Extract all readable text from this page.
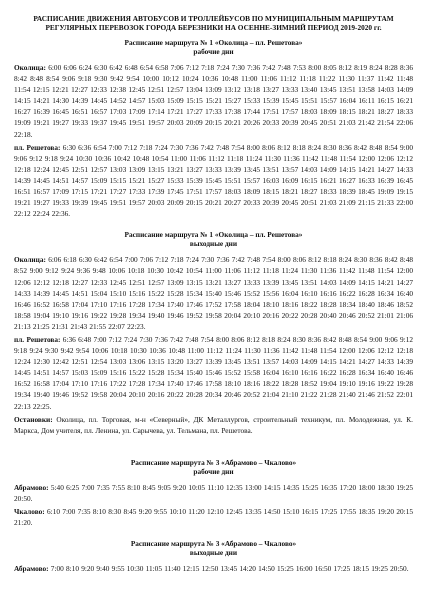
РАСПИСАНИЕ ДВИЖЕНИЯ АВТОБУСОВ И ТРОЛЛЕЙБУСОВ ПО МУНИЦИПАЛЬНЫМ МАРШРУТАМ
РЕГУЛЯРНЫХ ПЕРЕВОЗОК ГОРОДА БЕРЕЗНИКИ НА ОСЕННЕ-ЗИМНИЙ ПЕРИОД 2019-2020 гг.
Расписание маршрута № 1 «Околица – пл. Решетова»
рабочие дни
Околица: 6:00 6:06 6:24 6:30 6:42 6:48 6:54 6:58 7:06 7:12 7:18 7:24 7:30 7:36 7:42 7:48 7:53 8:00 8:05 8:12 8:19 8:24 8:28 8:36 8:42 8:48 8:54 9:06 9:18 9:30 9:42 9:54 10:00 10:12 10:24 10:36 10:48 11:00 11:06 11:12 11:18 11:22 11:30 11:37 11:42 11:48 11:54 12:15 12:21 12:27 12:33 12:38 12:45 12:51 12:57 13:04 13:09 13:12 13:18 13:27 13:33 13:40 13:45 13:51 13:58 14:03 14:09 14:15 14:21 14:30 14:39 14:45 14:52 14:57 15:03 15:09 15:15 15:21 15:27 15:33 15:39 15:45 15:51 15:57 16:04 16:11 16:15 16:21 16:27 16:39 16:45 16:51 16:57 17:03 17:09 17:14 17:21 17:27 17:33 17:38 17:44 17:51 17:57 18:03 18:09 18:15 18:21 18:27 18:33 19:09 19:21 19:27 19:33 19:37 19:45 19:51 19:57 20:03 20:09 20:15 20:21 20:26 20:33 20:39 20:45 20:51 21:03 21:42 21:54 22:06 22:18.
пл. Решетова: 6:30 6:36 6:54 7:00 7:12 7:18 7:24 7:30 7:36 7:42 7:48 7:54 8:00 8:06 8:12 8:18 8:24 8:30 8:36 8:42 8:48 8:54 9:00 9:06 9:12 9:18 9:24 10:30 10:36 10:42 10:48 10:54 11:00 11:06 11:12 11:18 11:24 11:30 11:36 11:42 11:48 11:54 12:00 12:06 12:12 12:18 12:24 12:45 12:51 12:57 13:03 13:09 13:15 13:21 13:27 13:33 13:39 13:45 13:51 13:57 14:03 14:09 14:15 14:21 14:27 14:33 14:39 14:45 14:51 14:57 15:09 15:15 15:21 15:27 15:33 15:39 15:45 15:51 15:57 16:03 16:09 16:15 16:21 16:27 16:33 16:39 16:45 16:51 16:57 17:09 17:15 17:21 17:27 17:33 17:39 17:45 17:51 17:57 18:03 18:09 18:15 18:21 18:27 18:33 18:39 18:45 19:09 19:15 19:21 19:27 19:33 19:39 19:45 19:51 19:57 20:03 20:09 20:15 20:21 20:27 20:33 20:39 20:45 20:51 21:03 21:09 21:15 21:33 22:00 22:12 22:24 22:36.
Расписание маршрута № 1 «Околица – пл. Решетова»
выходные дни
Околица: 6:06 6:18 6:30 6:42 6:54 7:00 7:06 7:12 7:18 7:24 7:30 7:36 7:42 7:48 7:54 8:00 8:06 8:12 8:18 8:24 8:30 8:36 8:42 8:48 8:52 9:00 9:12 9:24 9:36 9:48 10:06 10:18 10:30 10:42 10:54 11:00 11:06 11:12 11:18 11:24 11:30 11:36 11:42 11:48 11:54 12:00 12:06 12:12 12:18 12:27 12:33 12:45 12:51 12:57 13:09 13:15 13:21 13:27 13:33 13:39 13:45 13:51 14:03 14:09 14:15 14:21 14:27 14:33 14:39 14:45 14:51 15:04 15:10 15:16 15:22 15:28 15:34 15:40 15:46 15:52 15:56 16:04 16:10 16:16 16:22 16:28 16:34 16:40 16:46 16:52 16:58 17:04 17:10 17:16 17:28 17:34 17:40 17:46 17:52 17:58 18:04 18:10 18:16 18:22 18:28 18:34 18:40 18:46 18:52 18:58 19:04 19:10 19:16 19:22 19:28 19:34 19:40 19:46 19:52 19:58 20:04 20:10 20:16 20:22 20:28 20:40 20:46 20:52 21:01 21:06 21:13 21:25 21:31 21:43 21:55 22:07 22:23.
пл. Решетова: 6:36 6:48 7:00 7:12 7:24 7:30 7:36 7:42 7:48 7:54 8:00 8:06 8:12 8:18 8:24 8:30 8:36 8:42 8:48 8:54 9:00 9:06 9:12 9:18 9:24 9:30 9:42 9:54 10:06 10:18 10:30 10:36 10:48 11:00 11:12 11:24 11:30 11:36 11:42 11:48 11:54 12:00 12:06 12:12 12:18 12:24 12:30 12:42 12:51 12:54 13:03 13:06 13:15 13:20 13:27 13:39 13:45 13:51 13:57 14:03 14:09 14:15 14:21 14:27 14:33 14:39 14:45 14:51 14:57 15:03 15:09 15:16 15:22 15:28 15:34 15:40 15:46 15:52 15:58 16:04 16:10 16:16 16:22 16:28 16:34 16:40 16:46 16:52 16:58 17:04 17:10 17:16 17:22 17:28 17:34 17:40 17:46 17:58 18:10 18:16 18:22 18:28 18:52 19:04 19:10 19:16 19:22 19:28 19:34 19:40 19:46 19:52 19:58 20:04 20:10 20:16 20:22 20:28 20:34 20:46 20:52 21:04 21:10 21:22 21:28 21:40 21:46 21:52 22:01 22:13 22:25.
Остановки: Околица, пл. Торговая, м-н «Северный», ДК Металлургов, строительный техникум, пл. Молодежная, ул. К. Маркса, Дом учителя, пл. Ленина, ул. Сарычева, ул. Тельмана, пл. Решетова.
Расписание маршрута № 3 «Абрамово – Чкалово»
рабочие дни
Абрамово: 5:40 6:25 7:00 7:35 7:55 8:10 8:45 9:05 9:20 10:05 11:10 12:35 13:00 14:15 14:35 15:25 16:35 17:20 18:00 18:30 19:25 20:50.
Чкалово: 6:10 7:00 7:35 8:10 8:30 8:45 9:20 9:55 10:10 11:20 12:10 12:45 13:35 14:50 15:10 16:15 17:25 17:55 18:35 19:20 20:15 21:20.
Расписание маршрута № 3 «Абрамово – Чкалово»
выходные дни
Абрамово: 7:00 8:10 9:20 9:40 9:55 10:30 11:05 11:40 12:15 12:50 13:45 14:20 14:50 15:25 16:00 16:50 17:25 18:15 19:25 20:50.
